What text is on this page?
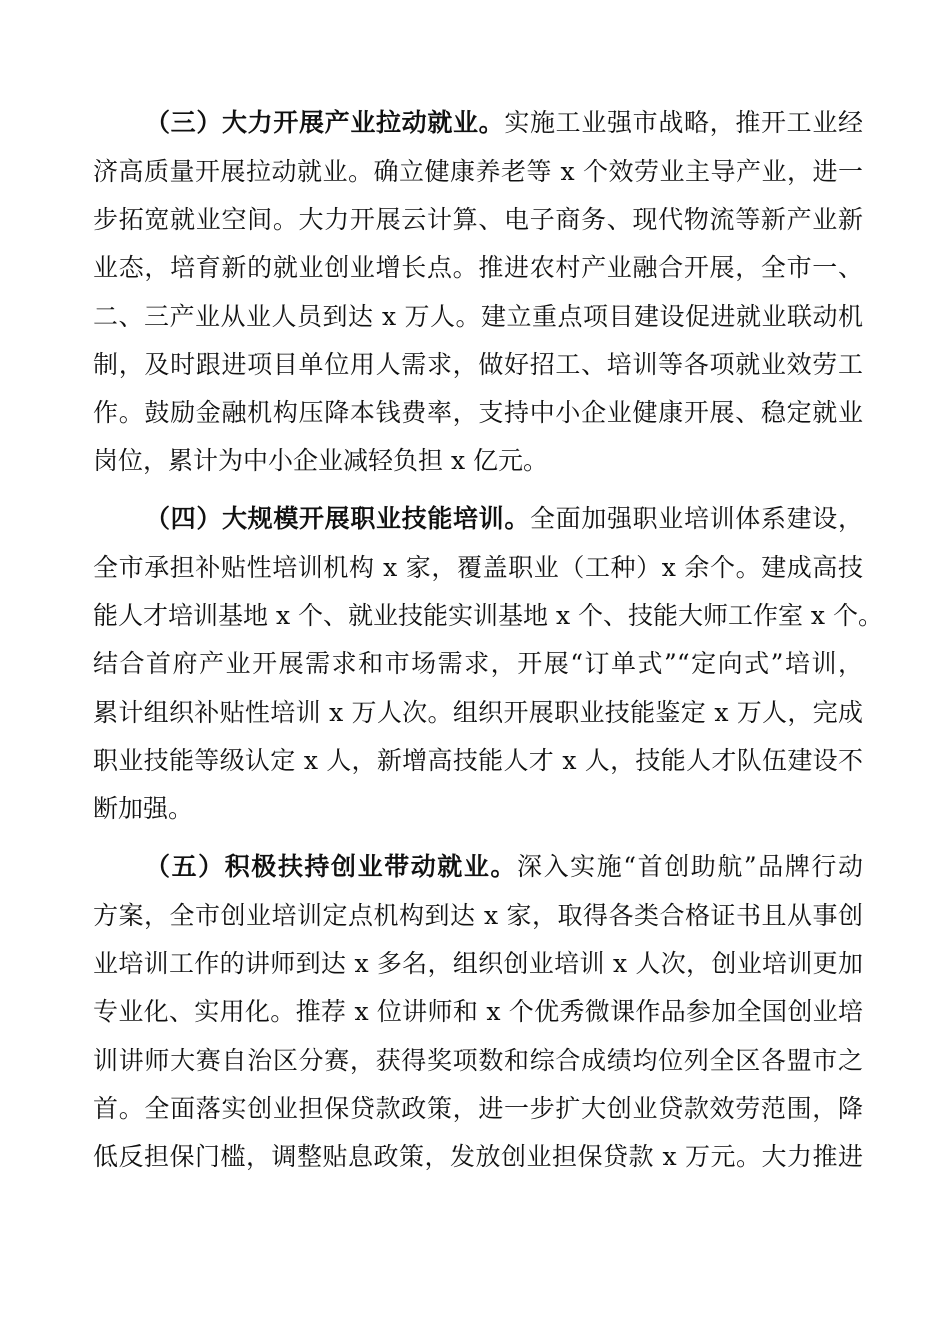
（三）大力开展产业拉动就业。实施工业强市战略，推开工业经
济高质量开展拉动就业。确立健康养老等 x 个效劳业主导产业，进一
步拓宽就业空间。大力开展云计算、电子商务、现代物流等新产业新
业态，培育新的就业创业增长点。推进农村产业融合开展，全市一、
二、三产业从业人员到达 x 万人。建立重点项目建设促进就业联动机
制，及时跟进项目单位用人需求，做好招工、培训等各项就业效劳工
作。鼓励金融机构压降本钱费率，支持中小企业健康开展、稳定就业
岗位，累计为中小企业减轻负担 x 亿元。
（四）大规模开展职业技能培训。全面加强职业培训体系建设，
全市承担补贴性培训机构 x 家，覆盖职业（工种）x 余个。建成高技
能人才培训基地 x 个、就业技能实训基地 x 个、技能大师工作室 x 个。
结合首府产业开展需求和市场需求，开展“订单式”“定向式”培训，
累计组织补贴性培训 x 万人次。组织开展职业技能鉴定 x 万人，完成
职业技能等级认定 x 人，新增高技能人才 x 人，技能人才队伍建设不
断加强。
（五）积极扶持创业带动就业。深入实施“首创助航”品牌行动
方案，全市创业培训定点机构到达 x 家，取得各类合格证书且从事创
业培训工作的讲师到达 x 多名，组织创业培训 x 人次，创业培训更加
专业化、实用化。推荐 x 位讲师和 x 个优秀微课作品参加全国创业培
训讲师大赛自治区分赛，获得奖项数和综合成绩均位列全区各盟市之
首。全面落实创业担保贷款政策，进一步扩大创业贷款效劳范围，降
低反担保门槛，调整贴息政策，发放创业担保贷款 x 万元。大力推进
